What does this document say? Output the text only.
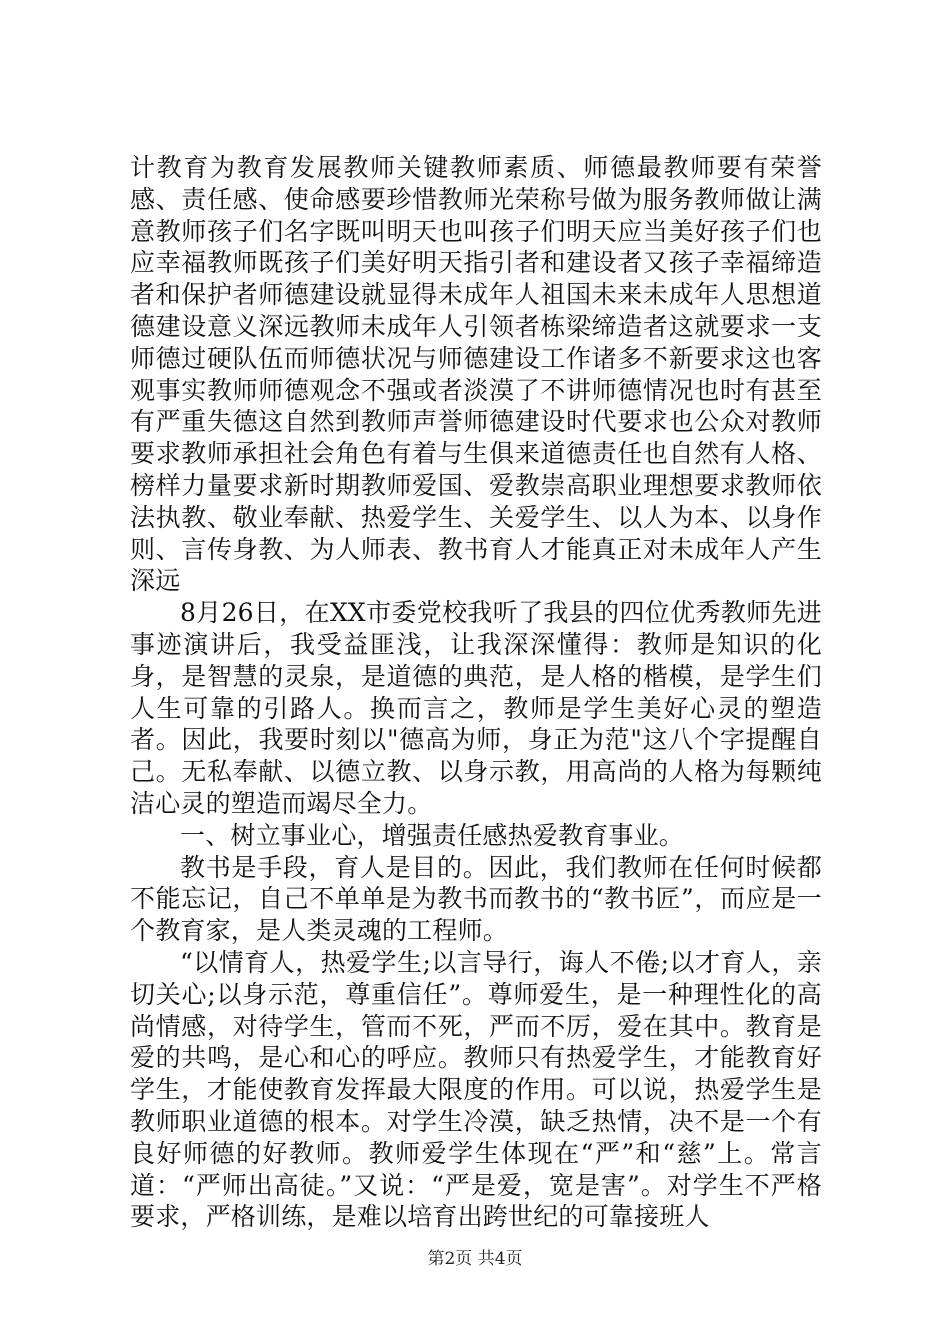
计教育为教育发展教师关键教师素质、师德最教师要有荣誉感、责任感、使命感要珍惜教师光荣称号做为服务教师做让满意教师孩子们名字既叫明天也叫孩子们明天应当美好孩子们也应幸福教师既孩子们美好明天指引者和建设者又孩子幸福缔造者和保护者师德建设就显得未成年人祖国未来未成年人思想道德建设意义深远教师未成年人引领者栋梁缔造者这就要求一支师德过硬队伍而师德状况与师德建设工作诸多不新要求这也客观事实教师师德观念不强或者淡漠了不讲师德情况也时有甚至有严重失德这自然到教师声誉师德建设时代要求也公众对教师要求教师承担社会角色有着与生俱来道德责任也自然有人格、榜样力量要求新时期教师爱国、爱教崇高职业理想要求教师依法执教、敬业奉献、热爱学生、关爱学生、以人为本、以身作则、言传身教、为人师表、教书育人才能真正对未成年人产生深远

8月26日，在XX市委党校我听了我县的四位优秀教师先进事迹演讲后，我受益匪浅，让我深深懂得：教师是知识的化身，是智慧的灵泉，是道德的典范，是人格的楷模，是学生们人生可靠的引路人。换而言之，教师是学生美好心灵的塑造者。因此，我要时刻以"德高为师，身正为范"这八个字提醒自己。无私奉献、以德立教、以身示教，用高尚的人格为每颗纯洁心灵的塑造而竭尽全力。

一、树立事业心，增强责任感热爱教育事业。

教书是手段，育人是目的。因此，我们教师在任何时候都不能忘记，自己不单单是为教书而教书的“教书匠”，而应是一个教育家，是人类灵魂的工程师。

“以情育人，热爱学生;以言导行，诲人不倦;以才育人，亲切关心;以身示范，尊重信任”。尊师爱生，是一种理性化的高尚情感，对待学生，管而不死，严而不厉，爱在其中。教育是爱的共鸣，是心和心的呼应。教师只有热爱学生，才能教育好学生，才能使教育发挥最大限度的作用。可以说，热爱学生是教师职业道德的根本。对学生冷漠，缺乏热情，决不是一个有良好师德的好教师。教师爱学生体现在“严”和“慈”上。常言道：“严师出高徒。”又说：“严是爱，宽是害”。对学生不严格要求，严格训练，是难以培育出跨世纪的可靠接班人

第2页 共4页
